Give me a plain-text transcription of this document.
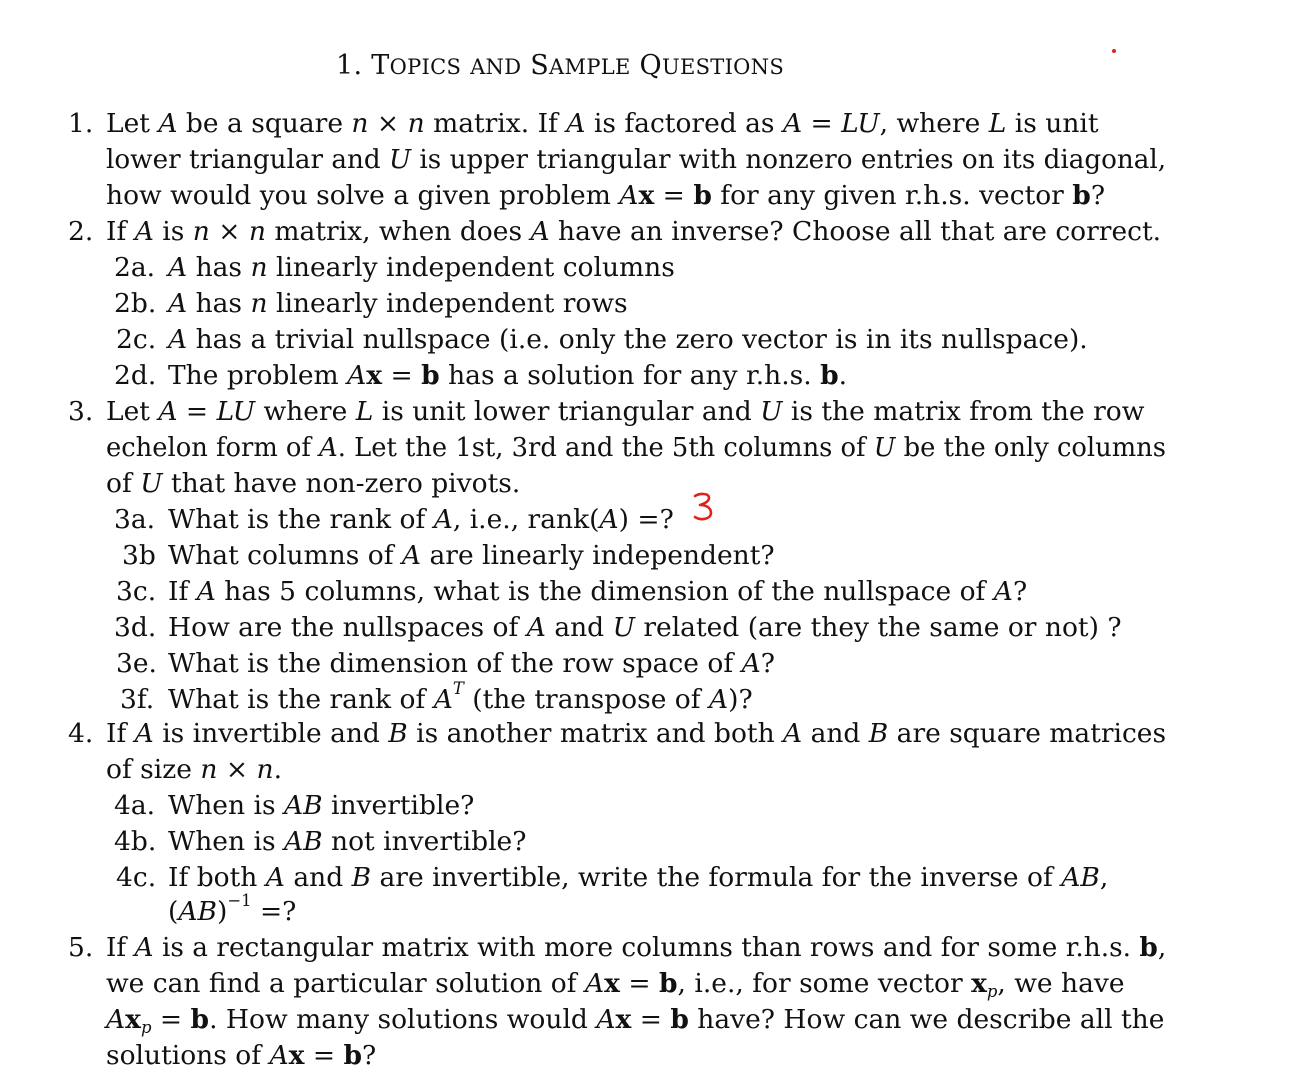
1. TOPICS AND SAMPLE QUESTIONS
1. Let A be a square n × n matrix. If A is factored as A = LU, where L is unit
lower triangular and U is upper triangular with nonzero entries on its diagonal,
how would you solve a given problem Ax = b for any given r.h.s. vector b?
2. If A is n × n matrix, when does A have an inverse? Choose all that are correct.
2a. A has n linearly independent columns
2b. A has n linearly independent rows
2c. A has a trivial nullspace (i.e. only the zero vector is in its nullspace).
2d. The problem Ax = b has a solution for any r.h.s. b.
3. Let A = LU where L is unit lower triangular and U is the matrix from the row
echelon form of A. Let the 1st, 3rd and the 5th columns of U be the only columns
of U that have non-zero pivots.
3a. What is the rank of A, i.e., rank(A) =?
3b What columns of A are linearly independent?
3c. If A has 5 columns, what is the dimension of the nullspace of A?
3d. How are the nullspaces of A and U related (are they the same or not) ?
3e. What is the dimension of the row space of A?
3f. What is the rank of $A^T$ (the transpose of A)?
4. If A is invertible and B is another matrix and both A and B are square matrices
of size n × n.
4a. When is AB invertible?
4b. When is AB not invertible?
4c. If both A and B are invertible, write the formula for the inverse of AB,
(AB)$^{-1}$ =?
5. If A is a rectangular matrix with more columns than rows and for some r.h.s. b,
we can find a particular solution of Ax = b, i.e., for some vector $x_p$, we have
$Ax_p = b$. How many solutions would Ax = b have? How can we describe all the
solutions of Ax = b?
